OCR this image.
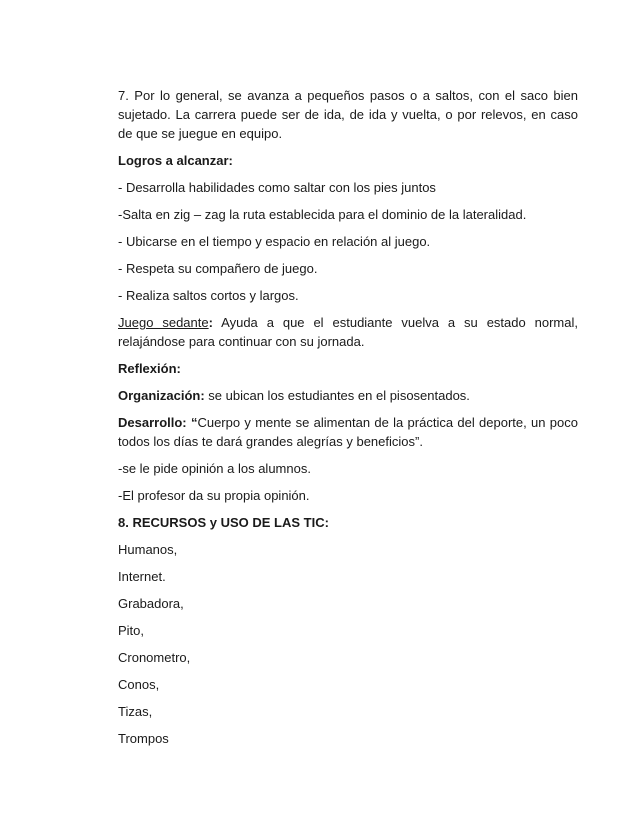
7. Por lo general, se avanza a pequeños pasos o a saltos, con el saco bien sujetado. La carrera puede ser de ida, de ida y vuelta, o por relevos, en caso de que se juegue en equipo.

Logros a alcanzar:

- Desarrolla habilidades como saltar con los pies juntos

-Salta en zig – zag la ruta establecida para el dominio de la lateralidad.

- Ubicarse en el tiempo y espacio en relación al juego.

- Respeta su compañero de juego.

- Realiza saltos cortos y largos.

Juego sedante: Ayuda a que el estudiante vuelva a su estado normal, relajándose para continuar con su jornada.

Reflexión:

Organización: se ubican los estudiantes en el pisosentados.

Desarrollo: “Cuerpo y mente se alimentan de la práctica del deporte, un poco todos los días te dará grandes alegrías y beneficios”.

-se le pide opinión a los alumnos.

-El profesor da su propia opinión.

8. RECURSOS y USO DE LAS TIC:

Humanos,

Internet.

Grabadora,

Pito,

Cronometro,

Conos,

Tizas,

Trompos
